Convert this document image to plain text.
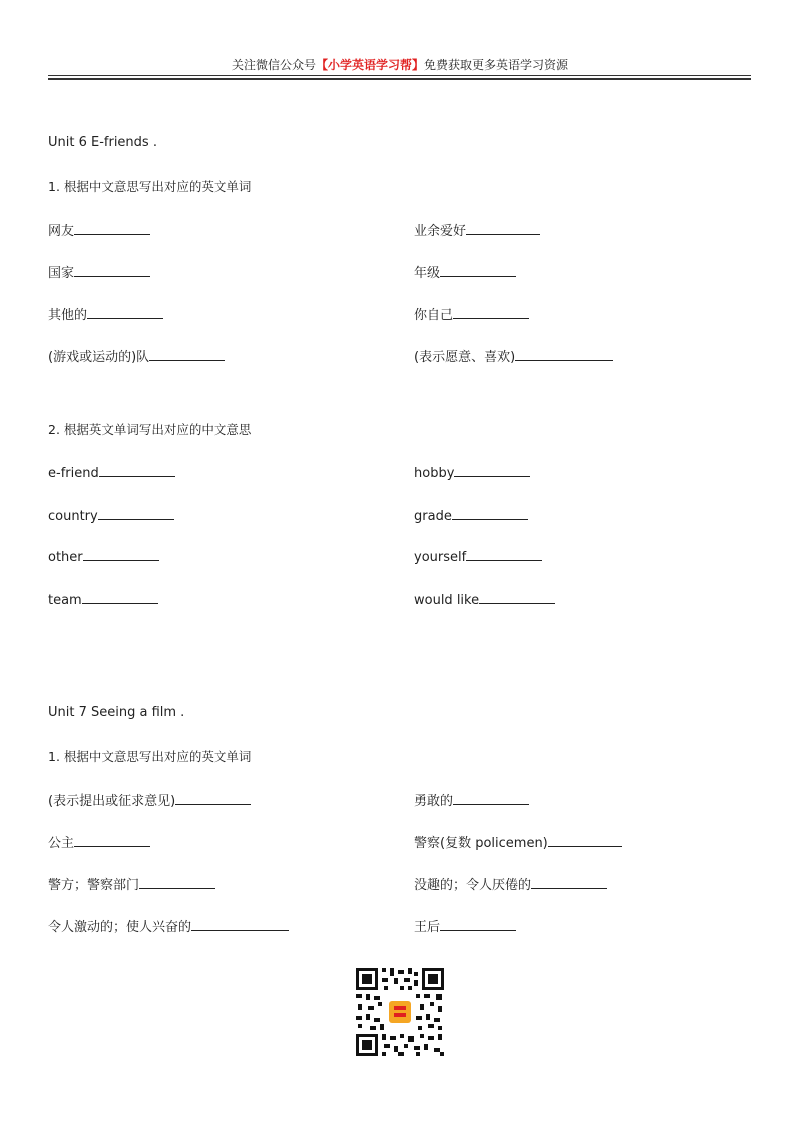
关注微信公众号【小学英语学习帮】免费获取更多英语学习资源
Unit 6 E-friends .
1. 根据中文意思写出对应的英文单词
网友	业余爱好
国家	年级
其他的	你自己
(游戏或运动的)队	(表示愿意、喜欢)
2. 根据英文单词写出对应的中文意思
e-friend	hobby
country	grade
other	yourself
team	would like
Unit 7 Seeing a film .
1. 根据中文意思写出对应的英文单词
(表示提出或征求意见)	勇敢的
公主	警察(复数 policemen)
警方；警察部门	没趣的；令人厌倦的
令人激动的；使人兴奋的	王后
